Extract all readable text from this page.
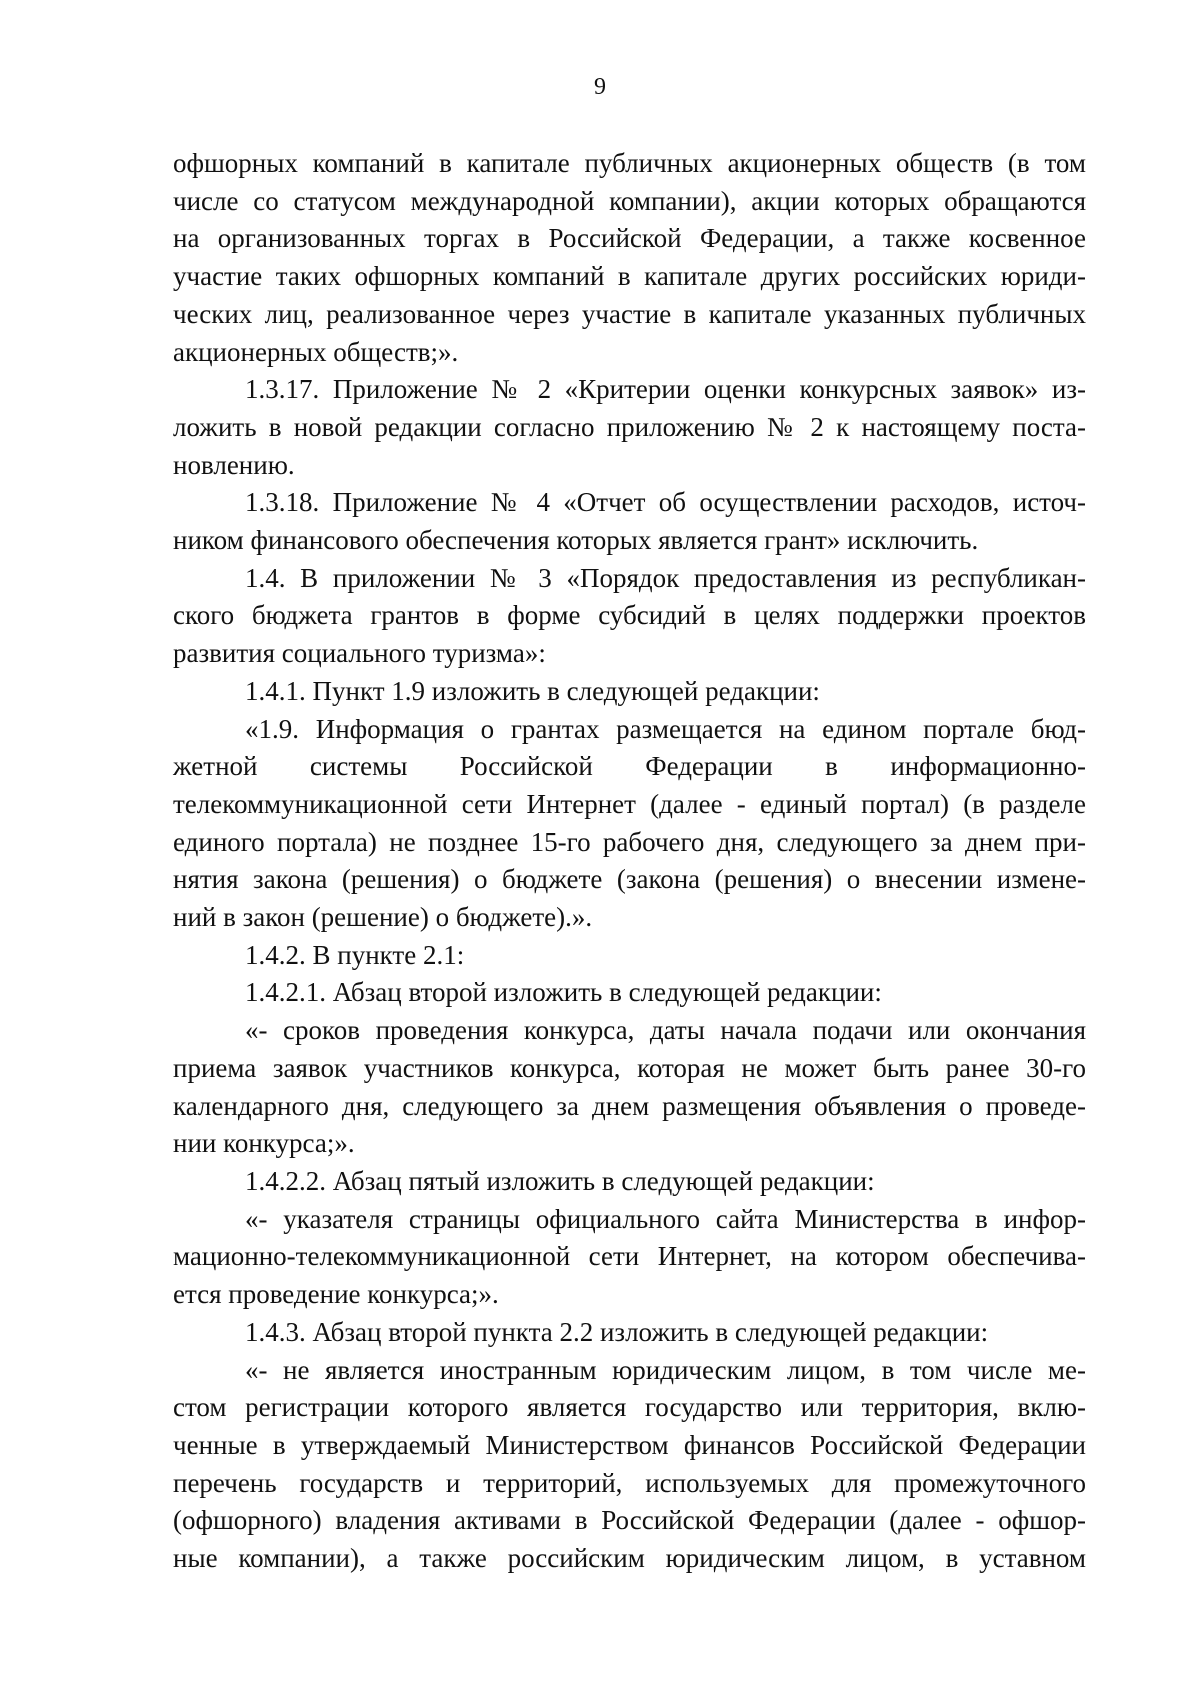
9
офшорных компаний в капитале публичных акционерных обществ (в том
числе со статусом международной компании), акции которых обращаются
на организованных торгах в Российской Федерации, а также косвенное
участие таких офшорных компаний в капитале других российских юриди-
ческих лиц, реализованное через участие в капитале указанных публичных
акционерных обществ;».
1.3.17. Приложение № 2 «Критерии оценки конкурсных заявок» из-
ложить в новой редакции согласно приложению № 2 к настоящему поста-
новлению.
1.3.18. Приложение № 4 «Отчет об осуществлении расходов, источ-
ником финансового обеспечения которых является грант» исключить.
1.4. В приложении № 3 «Порядок предоставления из республикан-
ского бюджета грантов в форме субсидий в целях поддержки проектов
развития социального туризма»:
1.4.1. Пункт 1.9 изложить в следующей редакции:
«1.9. Информация о грантах размещается на едином портале бюд-
жетной системы Российской Федерации в информационно-
телекоммуникационной сети Интернет (далее - единый портал) (в разделе
единого портала) не позднее 15-го рабочего дня, следующего за днем при-
нятия закона (решения) о бюджете (закона (решения) о внесении измене-
ний в закон (решение) о бюджете).».
1.4.2. В пункте 2.1:
1.4.2.1. Абзац второй изложить в следующей редакции:
«- сроков проведения конкурса, даты начала подачи или окончания
приема заявок участников конкурса, которая не может быть ранее 30-го
календарного дня, следующего за днем размещения объявления о проведе-
нии конкурса;».
1.4.2.2. Абзац пятый изложить в следующей редакции:
«- указателя страницы официального сайта Министерства в инфор-
мационно-телекоммуникационной сети Интернет, на котором обеспечива-
ется проведение конкурса;».
1.4.3. Абзац второй пункта 2.2 изложить в следующей редакции:
«- не является иностранным юридическим лицом, в том числе ме-
стом регистрации которого является государство или территория, вклю-
ченные в утверждаемый Министерством финансов Российской Федерации
перечень государств и территорий, используемых для промежуточного
(офшорного) владения активами в Российской Федерации (далее - офшор-
ные компании), а также российским юридическим лицом, в уставном
